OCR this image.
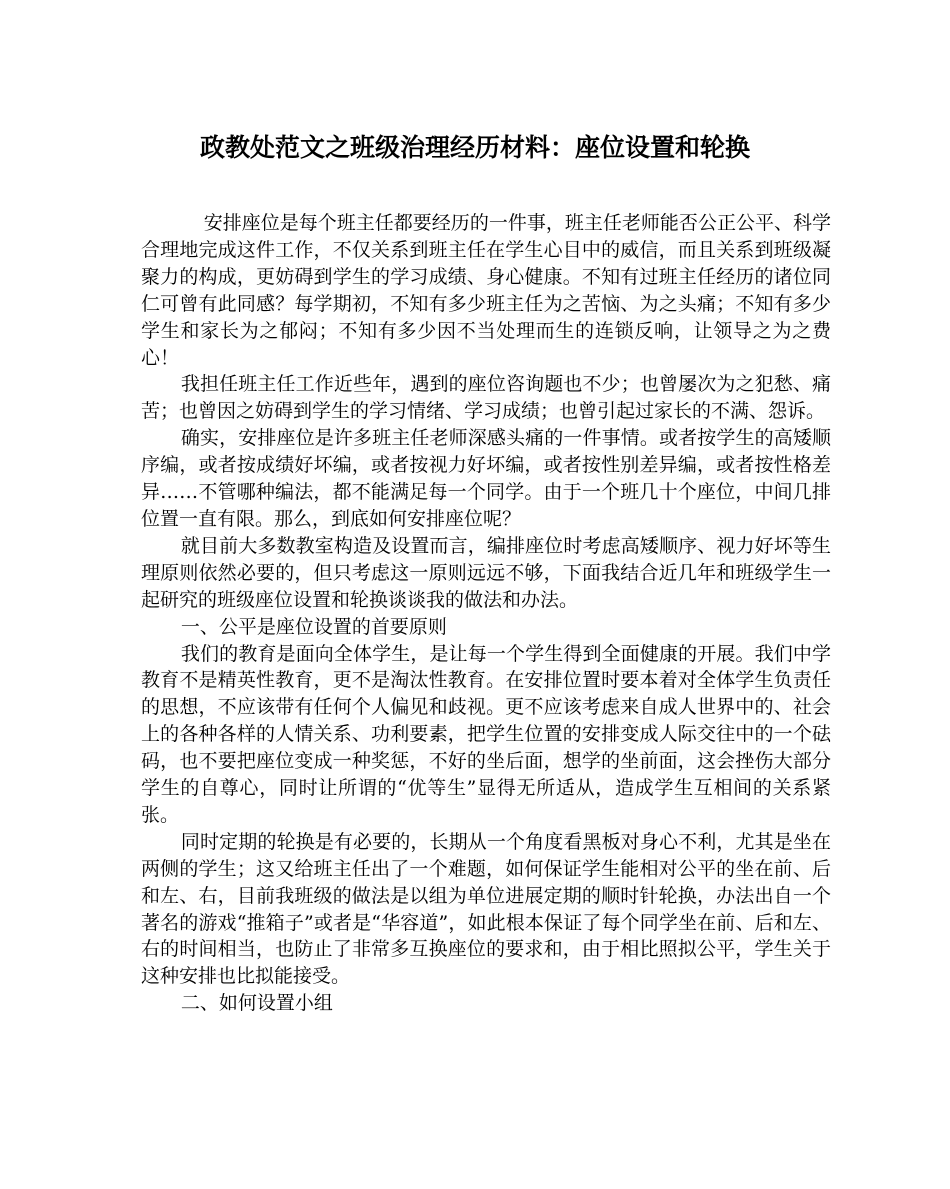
政教处范文之班级治理经历材料：座位设置和轮换

安排座位是每个班主任都要经历的一件事，班主任老师能否公正公平、科学合理地完成这件工作，不仅关系到班主任在学生心目中的威信，而且关系到班级凝聚力的构成，更妨碍到学生的学习成绩、身心健康。不知有过班主任经历的诸位同仁可曾有此同感？每学期初，不知有多少班主任为之苦恼、为之头痛；不知有多少学生和家长为之郁闷；不知有多少因不当处理而生的连锁反响，让领导之为之费心！

我担任班主任工作近些年，遇到的座位咨询题也不少；也曾屡次为之犯愁、痛苦；也曾因之妨碍到学生的学习情绪、学习成绩；也曾引起过家长的不满、怨诉。

确实，安排座位是许多班主任老师深感头痛的一件事情。或者按学生的高矮顺序编，或者按成绩好坏编，或者按视力好坏编，或者按性别差异编，或者按性格差异……不管哪种编法，都不能满足每一个同学。由于一个班几十个座位，中间几排位置一直有限。那么，到底如何安排座位呢？

就目前大多数教室构造及设置而言，编排座位时考虑高矮顺序、视力好坏等生理原则依然必要的，但只考虑这一原则远远不够，下面我结合近几年和班级学生一起研究的班级座位设置和轮换谈谈我的做法和办法。

一、公平是座位设置的首要原则

我们的教育是面向全体学生，是让每一个学生得到全面健康的开展。我们中学教育不是精英性教育，更不是淘汰性教育。在安排位置时要本着对全体学生负责任的思想，不应该带有任何个人偏见和歧视。更不应该考虑来自成人世界中的、社会上的各种各样的人情关系、功利要素，把学生位置的安排变成人际交往中的一个砝码，也不要把座位变成一种奖惩，不好的坐后面，想学的坐前面，这会挫伤大部分学生的自尊心，同时让所谓的“优等生”显得无所适从，造成学生互相间的关系紧张。

同时定期的轮换是有必要的，长期从一个角度看黑板对身心不利，尤其是坐在两侧的学生；这又给班主任出了一个难题，如何保证学生能相对公平的坐在前、后和左、右，目前我班级的做法是以组为单位进展定期的顺时针轮换，办法出自一个著名的游戏“推箱子”或者是“华容道”，如此根本保证了每个同学坐在前、后和左、右的时间相当，也防止了非常多互换座位的要求和，由于相比照拟公平，学生关于这种安排也比拟能接受。

二、如何设置小组
